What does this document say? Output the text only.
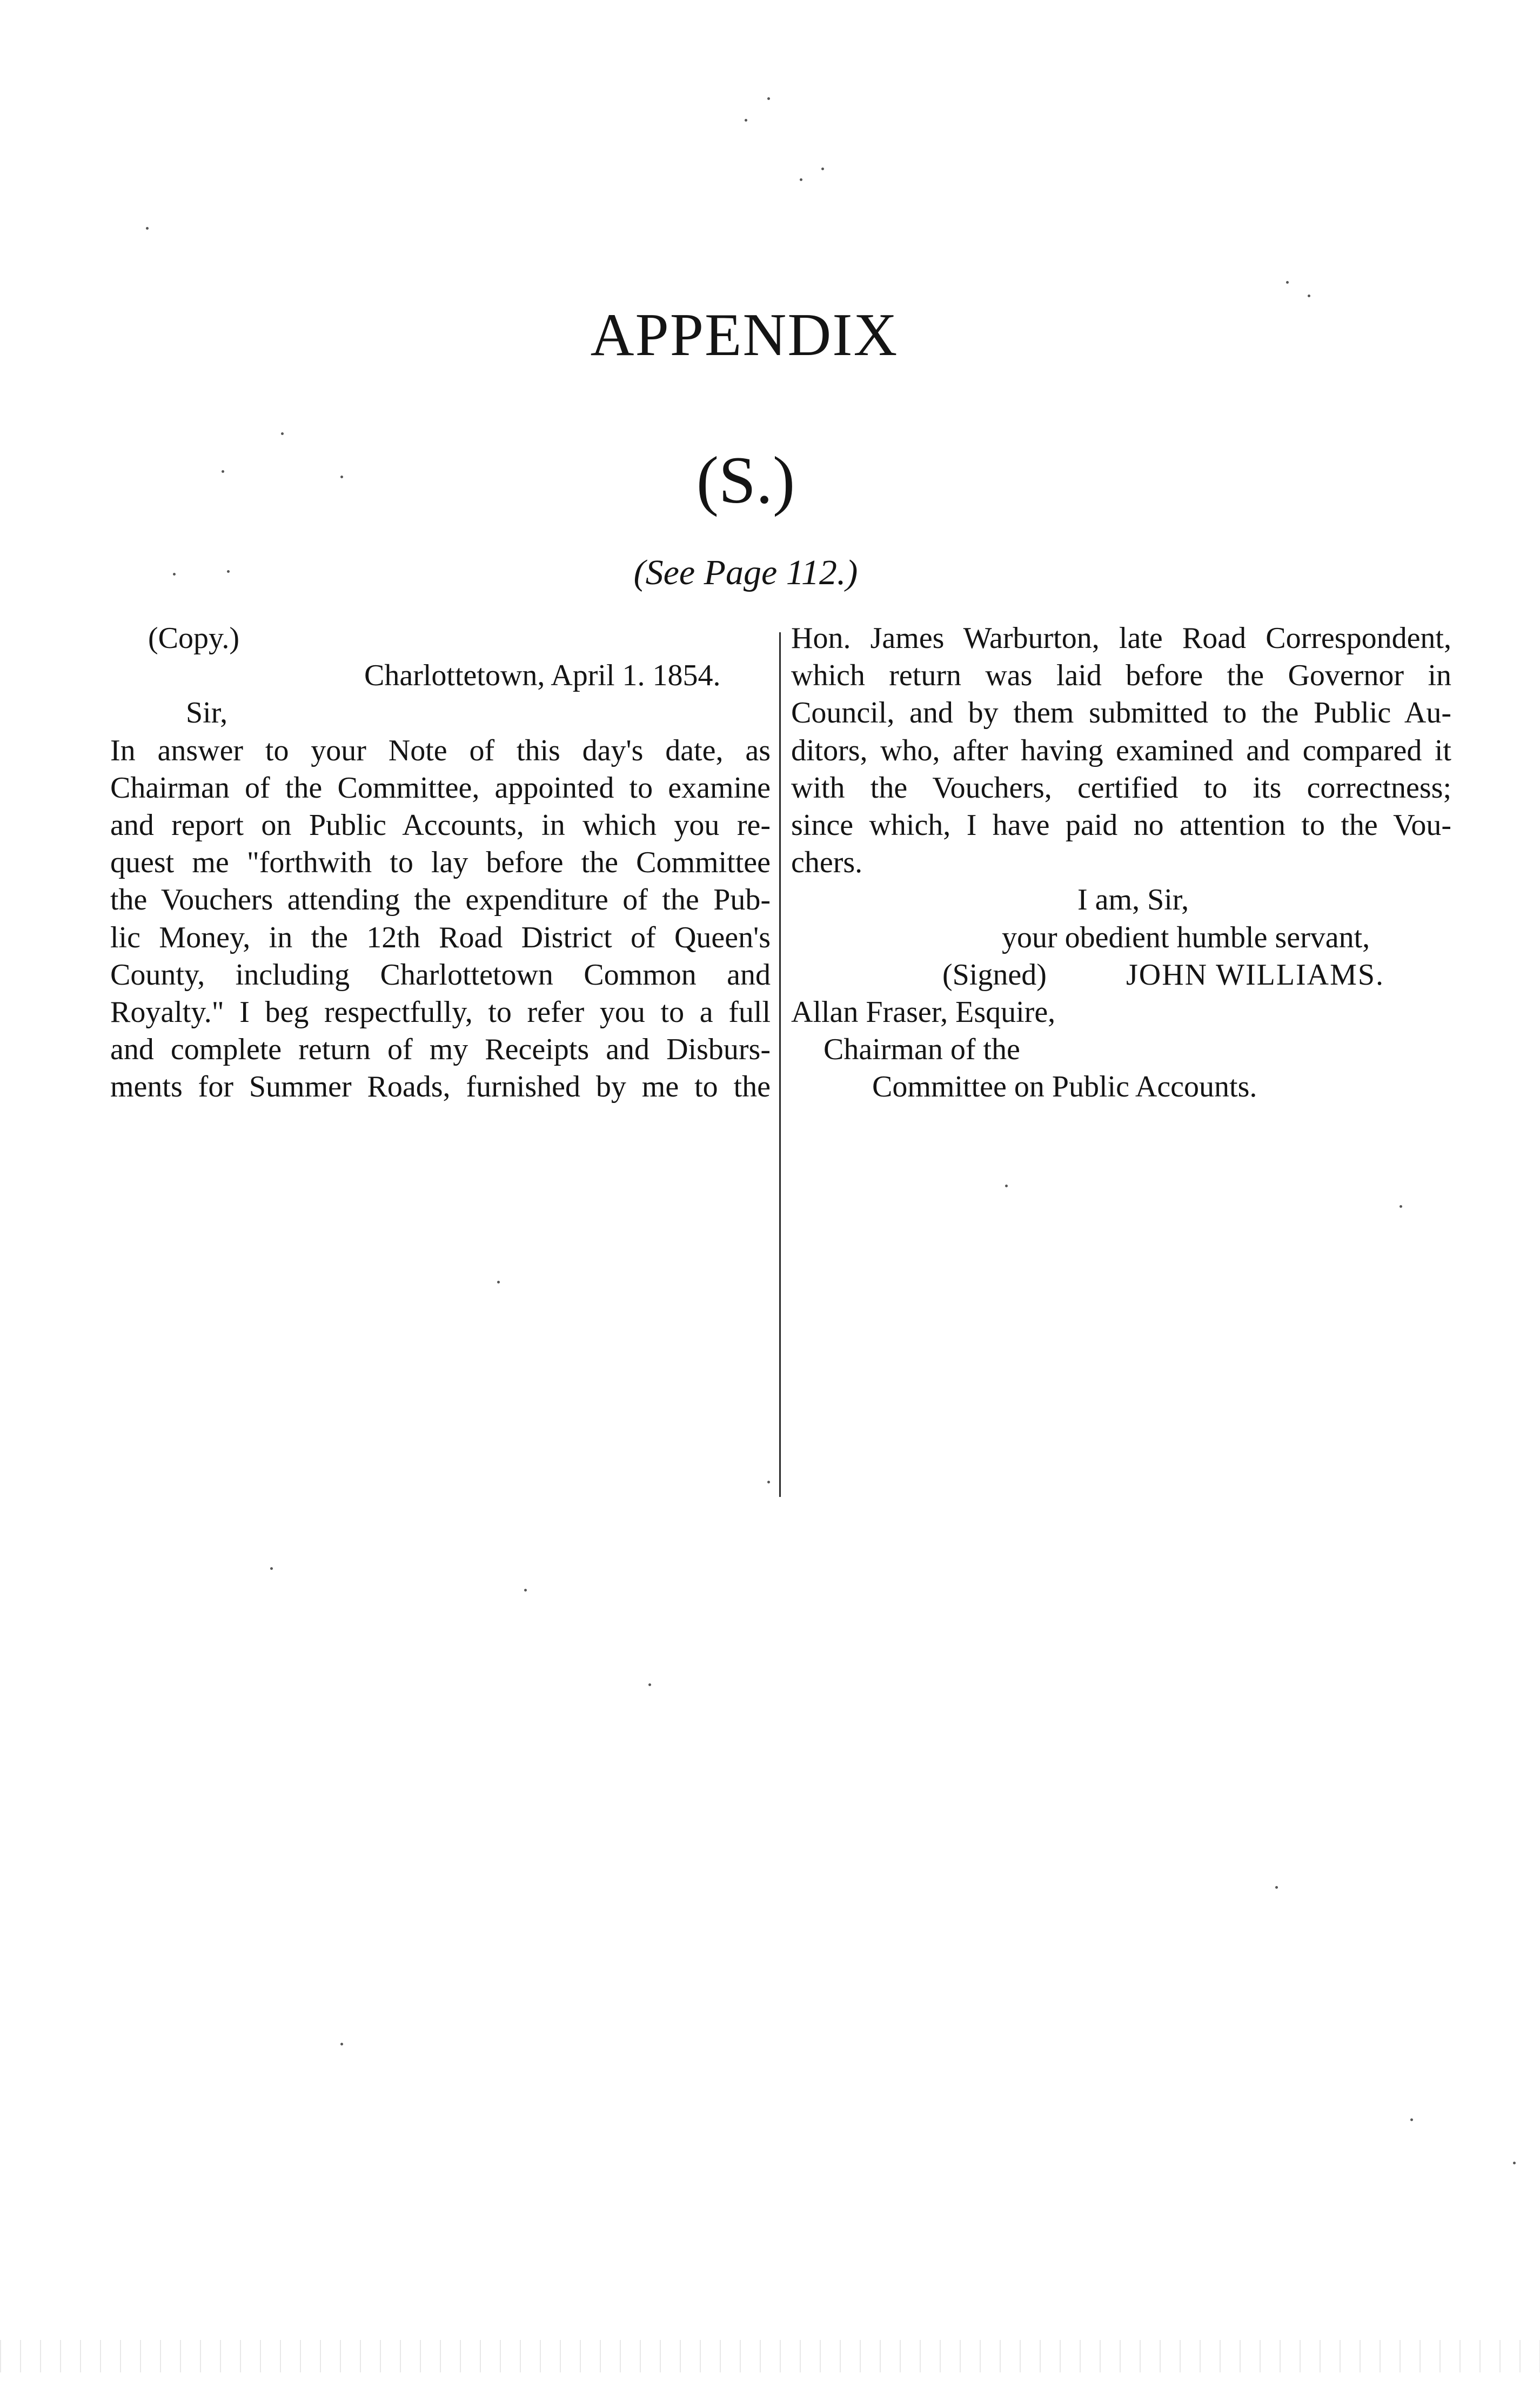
APPENDIX
(S.)
(See Page 112.)
(Copy.)
Charlottetown, April 1. 1854.
Sir,
In answer to your Note of this day's date, as
Chairman of the Committee, appointed to examine
and report on Public Accounts, in which you re-
quest me "forthwith to lay before the Committee
the Vouchers attending the expenditure of the Pub-
lic Money, in the 12th Road District of Queen's
County, including Charlottetown Common and
Royalty." I beg respectfully, to refer you to a full
and complete return of my Receipts and Disburs-
ments for Summer Roads, furnished by me to the
Hon. James Warburton, late Road Correspondent,
which return was laid before the Governor in
Council, and by them submitted to the Public Au-
ditors, who, after having examined and compared it
with the Vouchers, certified to its correctness;
since which, I have paid no attention to the Vou-
chers.
I am, Sir,
your obedient humble servant,
(Signed)	JOHN WILLIAMS.
Allan Fraser, Esquire,
Chairman of the
Committee on Public Accounts.
